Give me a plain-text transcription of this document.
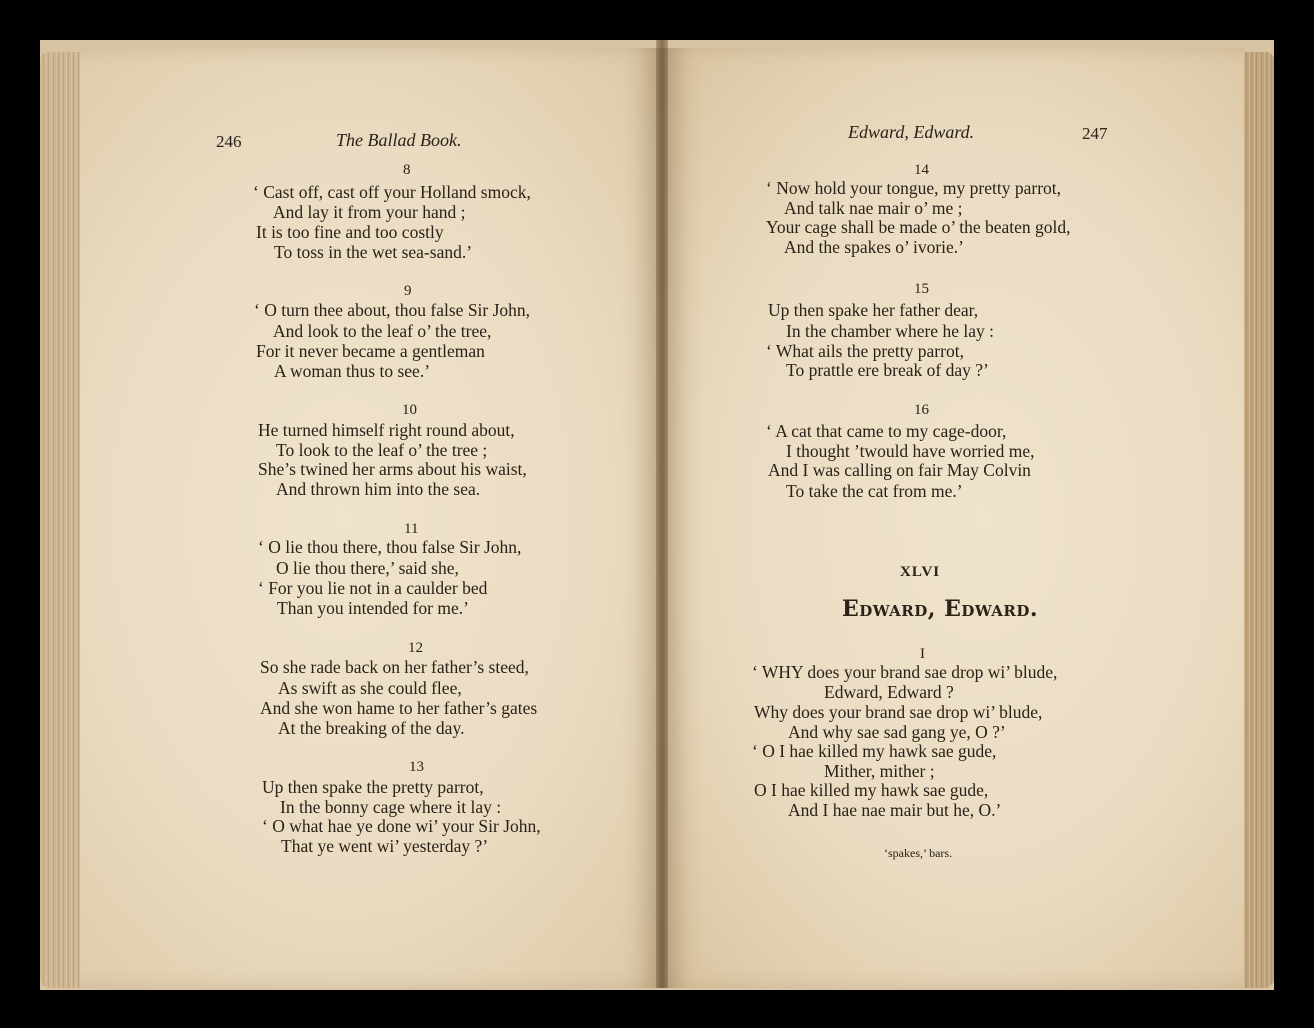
246	The Ballad Book.
8
‘ Cast off, cast off your Holland smock,
And lay it from your hand ;
It is too fine and too costly
To toss in the wet sea-sand.’
9
‘ O turn thee about, thou false Sir John,
And look to the leaf o’ the tree,
For it never became a gentleman
A woman thus to see.’
10
He turned himself right round about,
To look to the leaf o’ the tree ;
She’s twined her arms about his waist,
And thrown him into the sea.
11
‘ O lie thou there, thou false Sir John,
O lie thou there,’ said she,
‘ For you lie not in a caulder bed
Than you intended for me.’
12
So she rade back on her father’s steed,
As swift as she could flee,
And she won hame to her father’s gates
At the breaking of the day.
13
Up then spake the pretty parrot,
In the bonny cage where it lay :
‘ O what hae ye done wi’ your Sir John,
That ye went wi’ yesterday ?’
Edward, Edward.	247
14
‘ Now hold your tongue, my pretty parrot,
And talk nae mair o’ me ;
Your cage shall be made o’ the beaten gold,
And the spakes o’ ivorie.’
15
Up then spake her father dear,
In the chamber where he lay :
‘ What ails the pretty parrot,
To prattle ere break of day ?’
16
‘ A cat that came to my cage-door,
I thought ’twould have worried me,
And I was calling on fair May Colvin
To take the cat from me.’
XLVI
Edward, Edward.
I
‘ WHY does your brand sae drop wi’ blude,
Edward, Edward ?
Why does your brand sae drop wi’ blude,
And why sae sad gang ye, O ?’
‘ O I hae killed my hawk sae gude,
Mither, mither ;
O I hae killed my hawk sae gude,
And I hae nae mair but he, O.’
‘spakes,’ bars.
